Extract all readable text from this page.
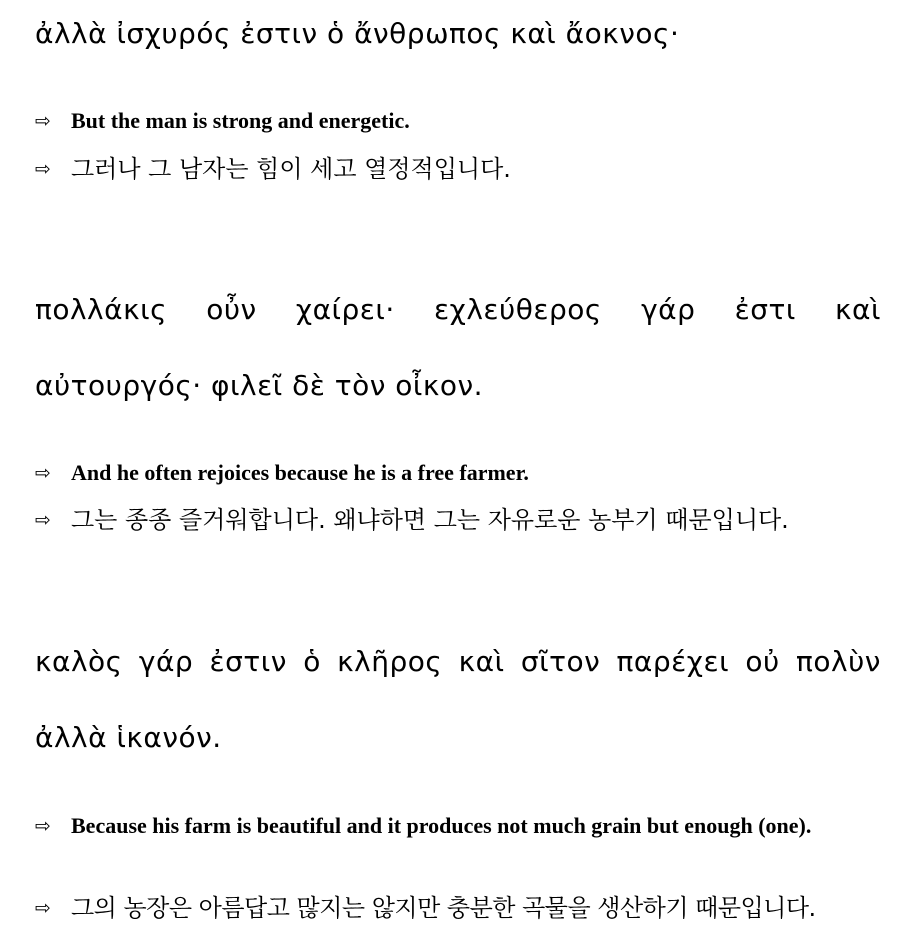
ἀλλὰ ἰσχυρός ἐστιν ὁ ἄνθρωπος καὶ ἄοκνος·
⇨ But the man is strong and energetic.
⇨ 그러나 그 남자는 힘이 세고 열정적입니다.
πολλάκις οὖν χαίρει· εχλεύθερος γάρ ἐστι καὶ
αὐτουργός· φιλεῖ δὲ τὸν οἶκον.
⇨ And he often rejoices because he is a free farmer.
⇨ 그는 종종 즐거워합니다. 왜냐하면 그는 자유로운 농부기 때문입니다.
καλὸς γάρ ἐστιν ὁ κλῆρος καὶ σῖτον παρέχει οὐ πολὺν
ἀλλὰ ἱκανόν.
⇨ Because his farm is beautiful and it produces not much grain but enough (one).
⇨ 그의 농장은 아름답고 많지는 않지만 충분한 곡물을 생산하기 때문입니다.
